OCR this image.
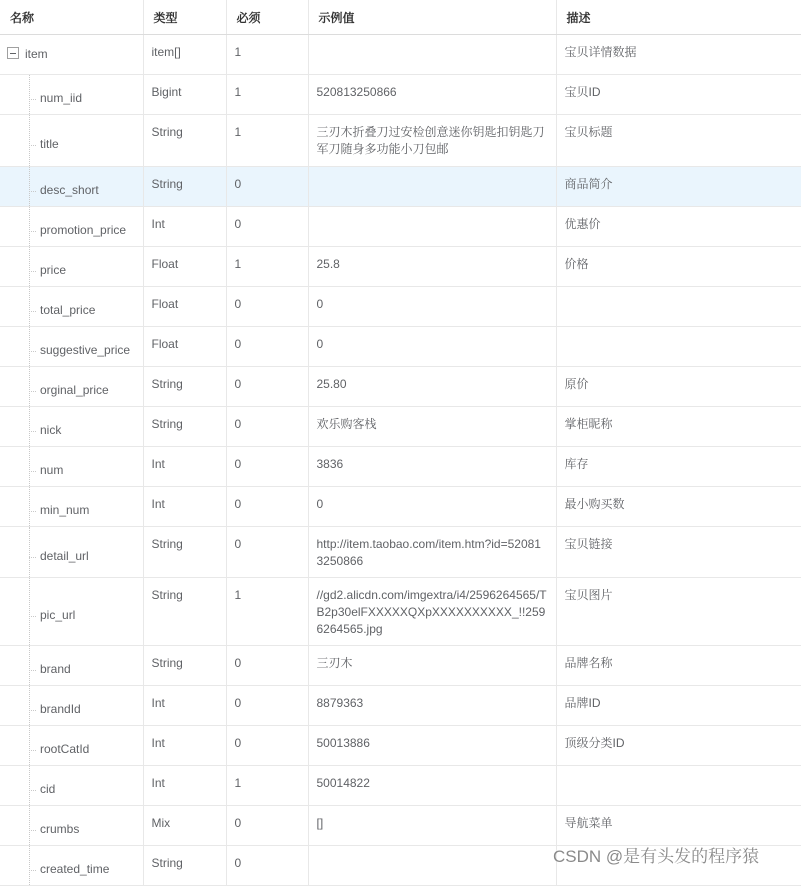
名称	类型	必须	示例值	描述

item	item[]	1		宝贝详情数据

num_iid	Bigint	1	520813250866	宝贝ID

title	String	1	三刃木折叠刀过安检创意迷你钥匙扣钥匙刀
军刀随身多功能小刀包邮	宝贝标题

desc_short	String	0		商品简介

promotion_price	Int	0		优惠价

price	Float	1	25.8	价格

total_price	Float	0	0	

suggestive_price	Float	0	0	

orginal_price	String	0	25.80	原价

nick	String	0	欢乐购客栈	掌柜昵称

num	Int	0	3836	库存

min_num	Int	0	0	最小购买数

detail_url	String	0	http://item.taobao.com/item.htm?id=52081
3250866	宝贝链接

pic_url	String	1	//gd2.alicdn.com/imgextra/i4/2596264565/T
B2p30elFXXXXXQXpXXXXXXXXXX_!!259
6264565.jpg	宝贝图片

brand	String	0	三刃木	品牌名称

brandId	Int	0	8879363	品牌ID

rootCatId	Int	0	50013886	顶级分类ID

cid	Int	1	50014822	

crumbs	Mix	0	[]	导航菜单

created_time	String	0			CSDN @是有头发的程序猿
